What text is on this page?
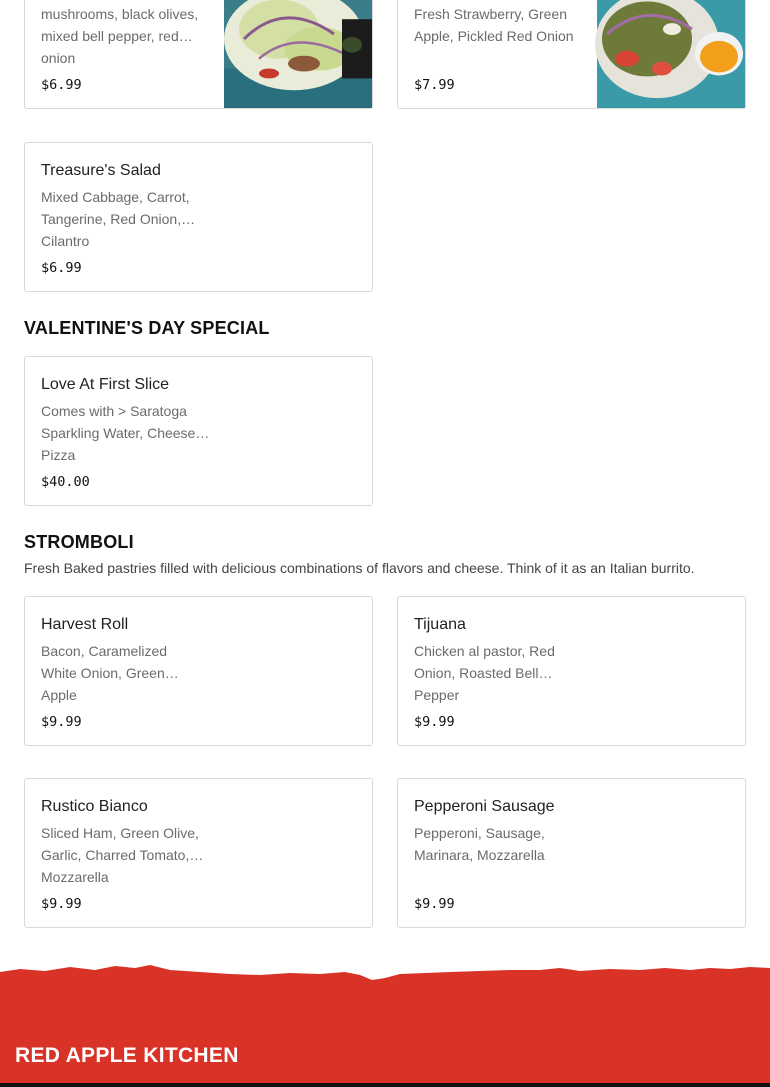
mushrooms, black olives, mixed bell pepper, red onion
$6.99
Fresh Strawberry, Green Apple, Pickled Red Onion
$7.99
Treasure's Salad
Mixed Cabbage, Carrot, Tangerine, Red Onion, Cilantro
$6.99
VALENTINE'S DAY SPECIAL
Love At First Slice
Comes with > Saratoga Sparkling Water, Cheese Pizza
$40.00
STROMBOLI
Fresh Baked pastries filled with delicious combinations of flavors and cheese. Think of it as an Italian burrito.
Harvest Roll
Bacon, Caramelized White Onion, Green Apple
$9.99
Tijuana
Chicken al pastor, Red Onion, Roasted Bell Pepper
$9.99
Rustico Bianco
Sliced Ham, Green Olive, Garlic, Charred Tomato, Mozzarella
$9.99
Pepperoni Sausage
Pepperoni, Sausage, Marinara, Mozzarella
$9.99
RED APPLE KITCHEN
